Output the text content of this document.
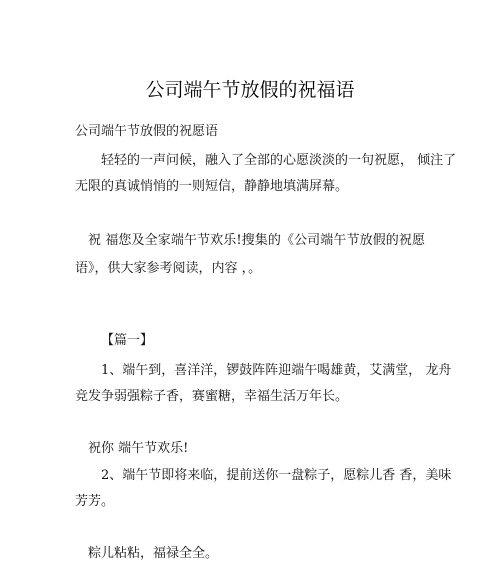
公司端午节放假的祝福语
公司端午节放假的祝愿语
轻轻的一声问候，融入了全部的心愿淡淡的一句祝愿， 倾注了
无限的真诚悄悄的一则短信，静静地填满屏幕。
祝 福您及全家端午节欢乐!搜集的《公司端午节放假的祝愿
语》，供大家参考阅读，内容 ，。
【篇一】
1、端午到，喜洋洋，锣鼓阵阵迎端午喝雄黄，艾满堂， 龙舟
竞发争弱强粽子香，赛蜜糖，幸福生活万年长。
祝你 端午节欢乐!
2、端午节即将来临，提前送你一盘粽子，愿粽儿香 香，美味
芳芳。
粽儿粘粘，福禄全全。
